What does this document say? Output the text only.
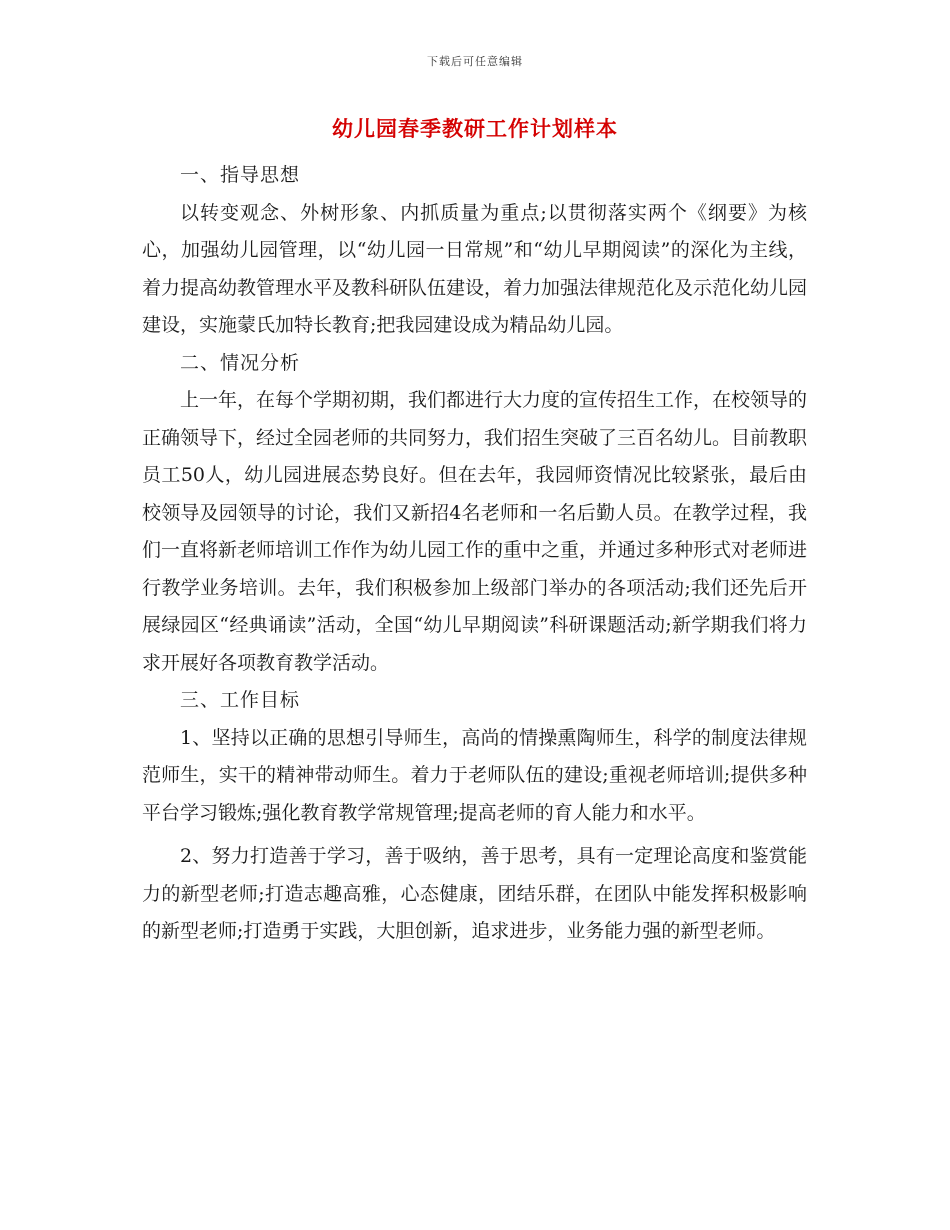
下载后可任意编辑
幼儿园春季教研工作计划样本

一、指导思想

以转变观念、外树形象、内抓质量为重点;以贯彻落实两个《纲要》为核心，加强幼儿园管理，以“幼儿园一日常规”和“幼儿早期阅读”的深化为主线，着力提高幼教管理水平及教科研队伍建设，着力加强法律规范化及示范化幼儿园建设，实施蒙氏加特长教育;把我园建设成为精品幼儿园。

二、情况分析

上一年，在每个学期初期，我们都进行大力度的宣传招生工作，在校领导的正确领导下，经过全园老师的共同努力，我们招生突破了三百名幼儿。目前教职员工50人，幼儿园进展态势良好。但在去年，我园师资情况比较紧张，最后由校领导及园领导的讨论，我们又新招4名老师和一名后勤人员。在教学过程，我们一直将新老师培训工作作为幼儿园工作的重中之重，并通过多种形式对老师进行教学业务培训。去年，我们积极参加上级部门举办的各项活动;我们还先后开展绿园区“经典诵读”活动，全国“幼儿早期阅读”科研课题活动;新学期我们将力求开展好各项教育教学活动。

三、工作目标

1、坚持以正确的思想引导师生，高尚的情操熏陶师生，科学的制度法律规范师生，实干的精神带动师生。着力于老师队伍的建设;重视老师培训;提供多种平台学习锻炼;强化教育教学常规管理;提高老师的育人能力和水平。

2、努力打造善于学习，善于吸纳，善于思考，具有一定理论高度和鉴赏能力的新型老师;打造志趣高雅，心态健康，团结乐群，在团队中能发挥积极影响的新型老师;打造勇于实践，大胆创新，追求进步，业务能力强的新型老师。
